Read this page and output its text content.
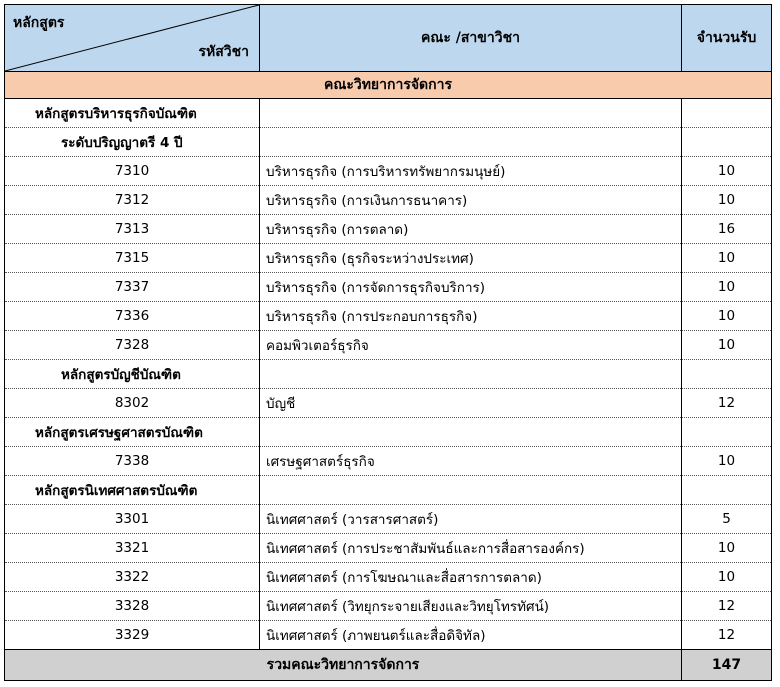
หลักสูตร
รหัสวิชา	คณะ /สาขาวิชา	จำนวนรับ
คณะวิทยาการจัดการ		
หลักสูตรบริหารธุรกิจบัณฑิต		
ระดับปริญญาตรี 4 ปี		
7310	บริหารธุรกิจ (การบริหารทรัพยากรมนุษย์)	10
7312	บริหารธุรกิจ (การเงินการธนาคาร)	10
7313	บริหารธุรกิจ (การตลาด)	16
7315	บริหารธุรกิจ (ธุรกิจระหว่างประเทศ)	10
7337	บริหารธุรกิจ (การจัดการธุรกิจบริการ)	10
7336	บริหารธุรกิจ (การประกอบการธุรกิจ)	10
7328	คอมพิวเตอร์ธุรกิจ	10
หลักสูตรบัญชีบัณฑิต		
8302	บัญชี	12
หลักสูตรเศรษฐศาสตรบัณฑิต		
7338	เศรษฐศาสตร์ธุรกิจ	10
หลักสูตรนิเทศศาสตรบัณฑิต		
3301	นิเทศศาสตร์ (วารสารศาสตร์)	5
3321	นิเทศศาสตร์ (การประชาสัมพันธ์และการสื่อสารองค์กร)	10
3322	นิเทศศาสตร์ (การโฆษณาและสื่อสารการตลาด)	10
3328	นิเทศศาสตร์ (วิทยุกระจายเสียงและวิทยุโทรทัศน์)	12
3329	นิเทศศาสตร์ (ภาพยนตร์และสื่อดิจิทัล)	12
รวมคณะวิทยาการจัดการ		147
